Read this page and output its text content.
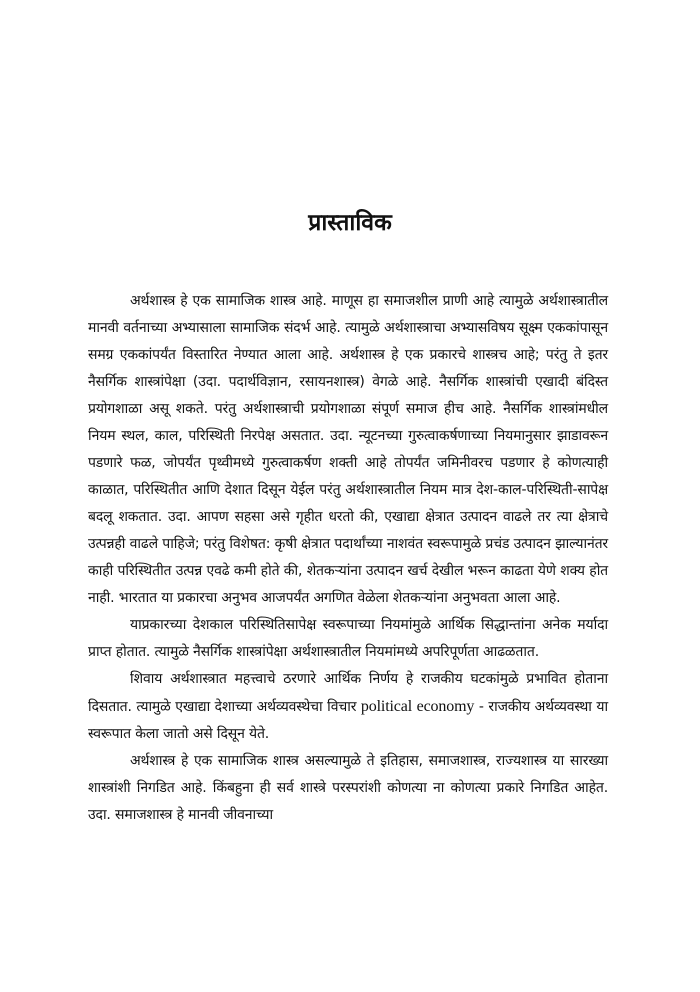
प्रास्ताविक

अर्थशास्त्र हे एक सामाजिक शास्त्र आहे. माणूस हा समाजशील प्राणी आहे त्यामुळे अर्थशास्त्रातील मानवी वर्तनाच्या अभ्यासाला सामाजिक संदर्भ आहे. त्यामुळे अर्थशास्त्राचा अभ्यासविषय सूक्ष्म एककांपासून समग्र एककांपर्यंत विस्तारित नेण्यात आला आहे. अर्थशास्त्र हे एक प्रकारचे शास्त्रच आहे; परंतु ते इतर नैसर्गिक शास्त्रांपेक्षा (उदा. पदार्थविज्ञान, रसायनशास्त्र) वेगळे आहे. नैसर्गिक शास्त्रांची एखादी बंदिस्त प्रयोगशाळा असू शकते. परंतु अर्थशास्त्राची प्रयोगशाळा संपूर्ण समाज हीच आहे. नैसर्गिक शास्त्रांमधील नियम स्थल, काल, परिस्थिती निरपेक्ष असतात. उदा. न्यूटनच्या गुरुत्वाकर्षणाच्या नियमानुसार झाडावरून पडणारे फळ, जोपर्यंत पृथ्वीमध्ये गुरुत्वाकर्षण शक्ती आहे तोपर्यंत जमिनीवरच पडणार हे कोणत्याही काळात, परिस्थितीत आणि देशात दिसून येईल परंतु अर्थशास्त्रातील नियम मात्र देश-काल-परिस्थिती-सापेक्ष बदलू शकतात. उदा. आपण सहसा असे गृहीत धरतो की, एखाद्या क्षेत्रात उत्पादन वाढले तर त्या क्षेत्राचे उत्पन्नही वाढले पाहिजे; परंतु विशेषत: कृषी क्षेत्रात पदार्थांच्या नाशवंत स्वरूपामुळे प्रचंड उत्पादन झाल्यानंतर काही परिस्थितीत उत्पन्न एवढे कमी होते की, शेतकऱ्यांना उत्पादन खर्च देखील भरून काढता येणे शक्य होत नाही. भारतात या प्रकारचा अनुभव आजपर्यंत अगणित वेळेला शेतकऱ्यांना अनुभवता आला आहे.

याप्रकारच्या देशकाल परिस्थितिसापेक्ष स्वरूपाच्या नियमांमुळे आर्थिक सिद्धान्तांना अनेक मर्यादा प्राप्त होतात. त्यामुळे नैसर्गिक शास्त्रांपेक्षा अर्थशास्त्रातील नियमांमध्ये अपरिपूर्णता आढळतात.

शिवाय अर्थशास्त्रात महत्त्वाचे ठरणारे आर्थिक निर्णय हे राजकीय घटकांमुळे प्रभावित होताना दिसतात. त्यामुळे एखाद्या देशाच्या अर्थव्यवस्थेचा विचार political economy - राजकीय अर्थव्यवस्था या स्वरूपात केला जातो असे दिसून येते.

अर्थशास्त्र हे एक सामाजिक शास्त्र असल्यामुळे ते इतिहास, समाजशास्त्र, राज्यशास्त्र या सारख्या शास्त्रांशी निगडित आहे. किंबहुना ही सर्व शास्त्रे परस्परांशी कोणत्या ना कोणत्या प्रकारे निगडित आहेत. उदा. समाजशास्त्र हे मानवी जीवनाच्या
